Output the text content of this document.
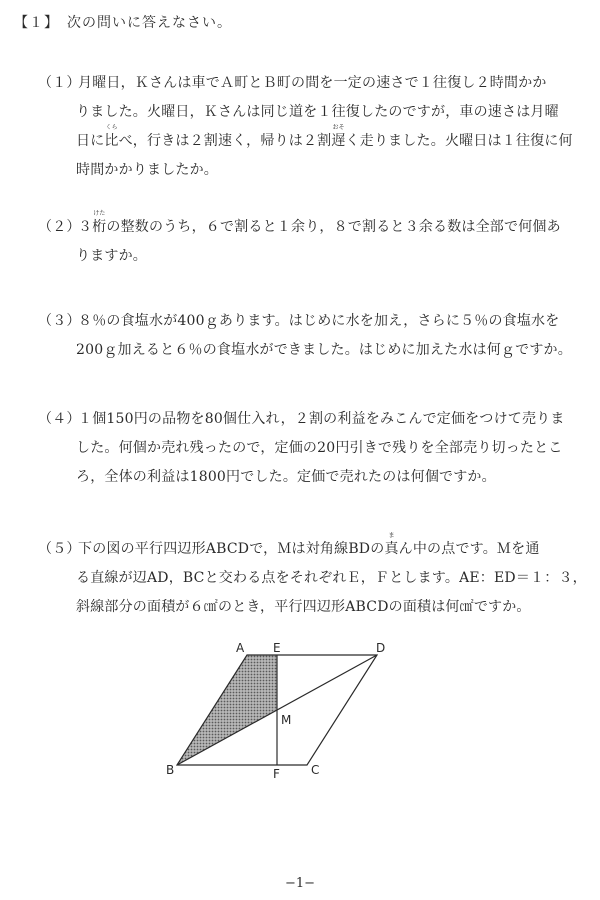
【１】　次の問いに答えなさい。
（１）月曜日，Ｋさんは車でＡ町とＢ町の間を一定の速さで１往復し２時間かか
りました。火曜日，Ｋさんは同じ道を１往復したのですが，車の速さは月曜
日に
くら
比べ，行きは２割速く，帰りは２割
おそ
遅く走りました。火曜日は１往復に何
時間かかりましたか。
（２）３
けた
桁の整数のうち，６で割ると１余り，８で割ると３余る数は全部で何個あ
りますか。
（３）８％の食塩水が400ｇあります。はじめに水を加え，さらに５％の食塩水を
200ｇ加えると６％の食塩水ができました。はじめに加えた水は何ｇですか。
（４）１個150円の品物を80個仕入れ，２割の利益をみこんで定価をつけて売りま
した。何個か売れ残ったので，定価の20円引きで残りを全部売り切ったとこ
ろ，全体の利益は1800円でした。定価で売れたのは何個ですか。
（５）下の図の平行四辺形ABCDで，Ｍは対角線BDの
ま
真ん中の点です。Ｍを通
る直線が辺AD，BCと交わる点をそれぞれＥ，Ｆとします。AE：ED＝１：３，
斜線部分の面積が６㎠のとき，平行四辺形ABCDの面積は何㎠ですか。
A E	D
M
B	F	C
−1−
